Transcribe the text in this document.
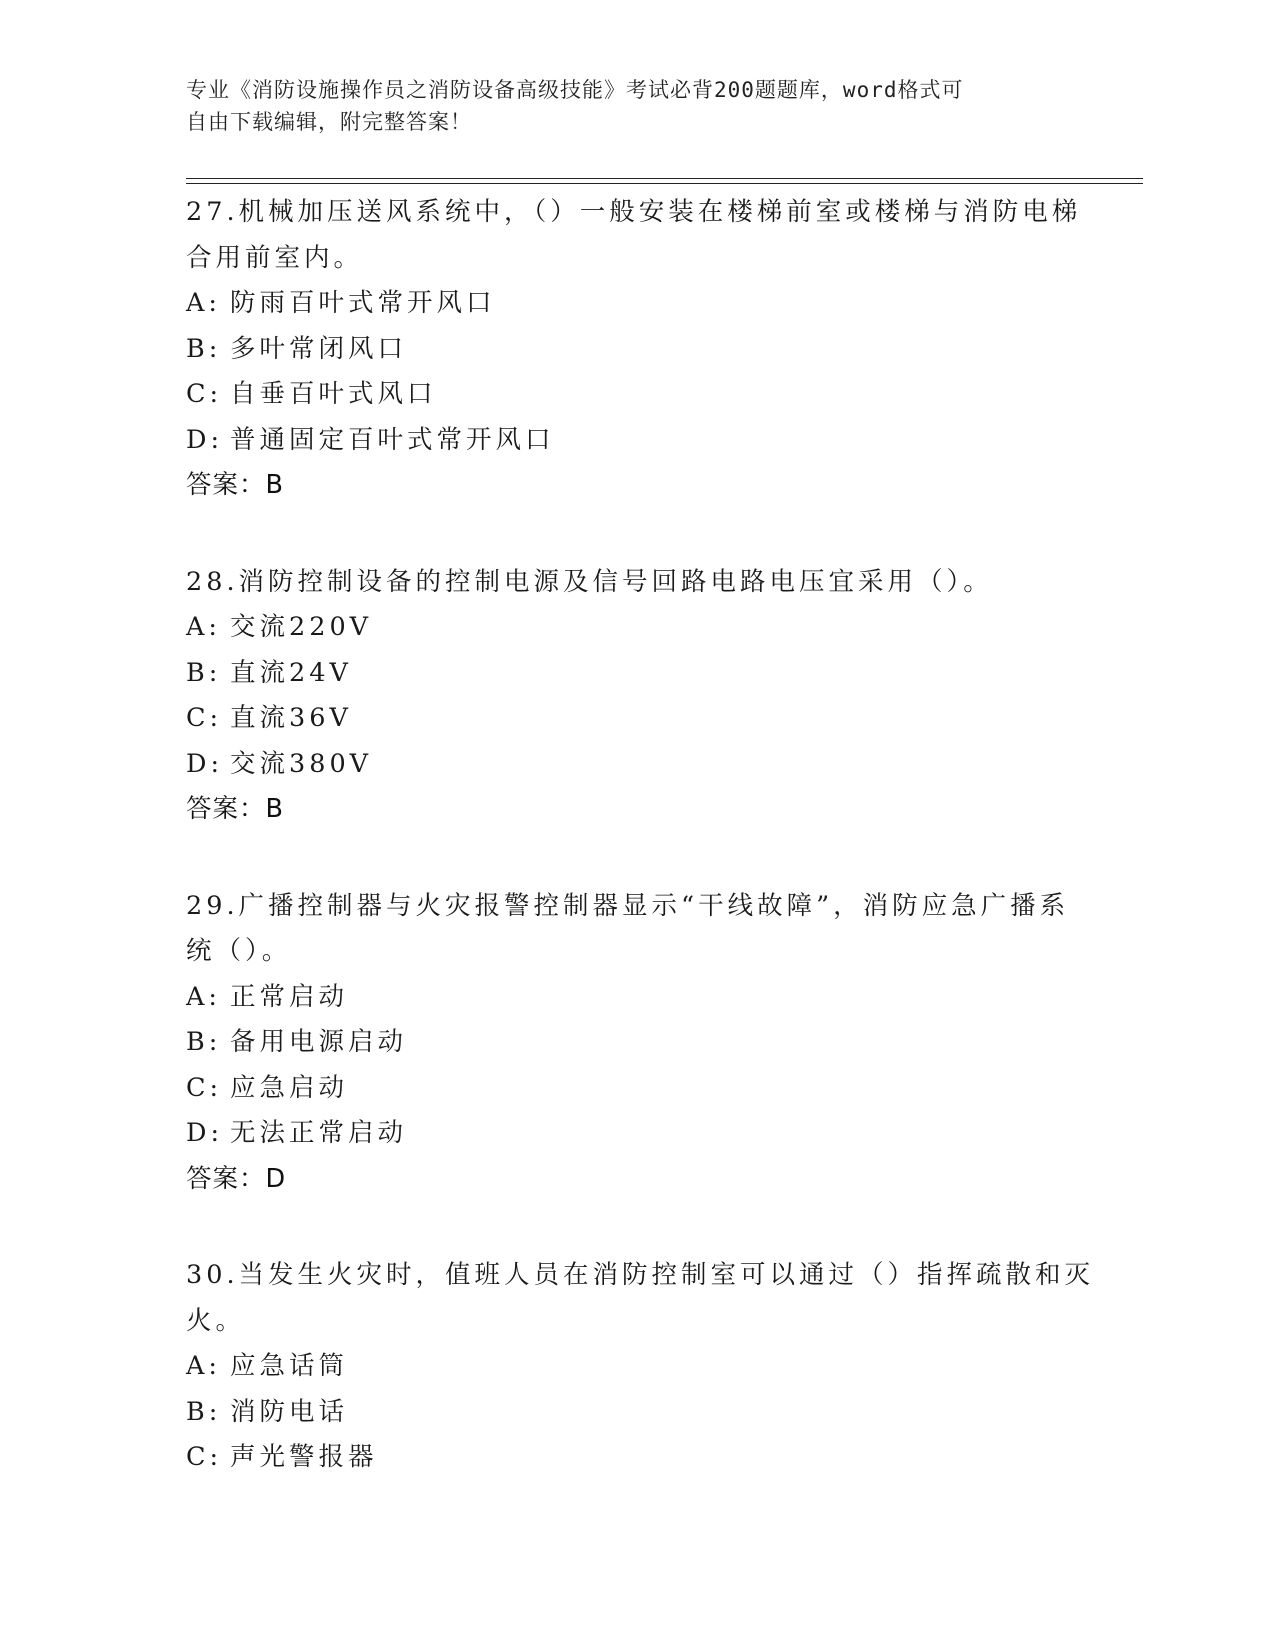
专业《消防设施操作员之消防设备高级技能》考试必背200题题库，word格式可
自由下载编辑，附完整答案！
27.机械加压送风系统中，（）一般安装在楼梯前室或楼梯与消防电梯
合用前室内。
A: 防雨百叶式常开风口
B: 多叶常闭风口
C: 自垂百叶式风口
D: 普通固定百叶式常开风口
答案：B
28.消防控制设备的控制电源及信号回路电路电压宜采用（）。
A: 交流220V
B: 直流24V
C: 直流36V
D: 交流380V
答案：B
29.广播控制器与火灾报警控制器显示“干线故障”，消防应急广播系
统（）。
A: 正常启动
B: 备用电源启动
C: 应急启动
D: 无法正常启动
答案：D
30.当发生火灾时，值班人员在消防控制室可以通过（）指挥疏散和灭
火。
A: 应急话筒
B: 消防电话
C: 声光警报器
